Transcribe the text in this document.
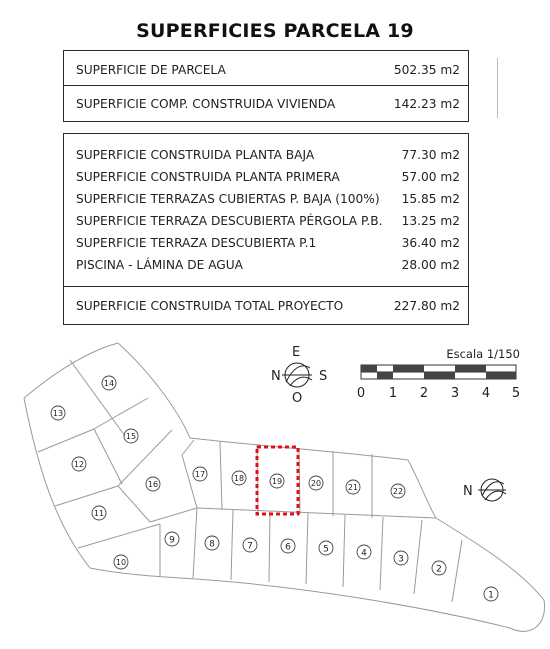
SUPERFICIES PARCELA 19
SUPERFICIE DE PARCELA	502.35 m2
SUPERFICIE COMP. CONSTRUIDA VIVIENDA	142.23 m2
SUPERFICIE CONSTRUIDA PLANTA BAJA	77.30 m2
SUPERFICIE CONSTRUIDA PLANTA PRIMERA	57.00 m2
SUPERFICIE TERRAZAS CUBIERTAS P. BAJA (100%) 15.85 m2
SUPERFICIE TERRAZA DESCUBIERTA PÉRGOLA P.B. 13.25 m2
SUPERFICIE TERRAZA DESCUBIERTA P.1	36.40 m2
PISCINA - LÁMINA DE AGUA	28.00 m2
SUPERFICIE CONSTRUIDA TOTAL PROYECTO	227.80 m2
1
2
3
4
5
6
7
8
9
10
11
12
13
14
15
16
17	18	19	20	21	22
N
E
S
O
N
Escala 1/150
0 1 2 3 4 5
